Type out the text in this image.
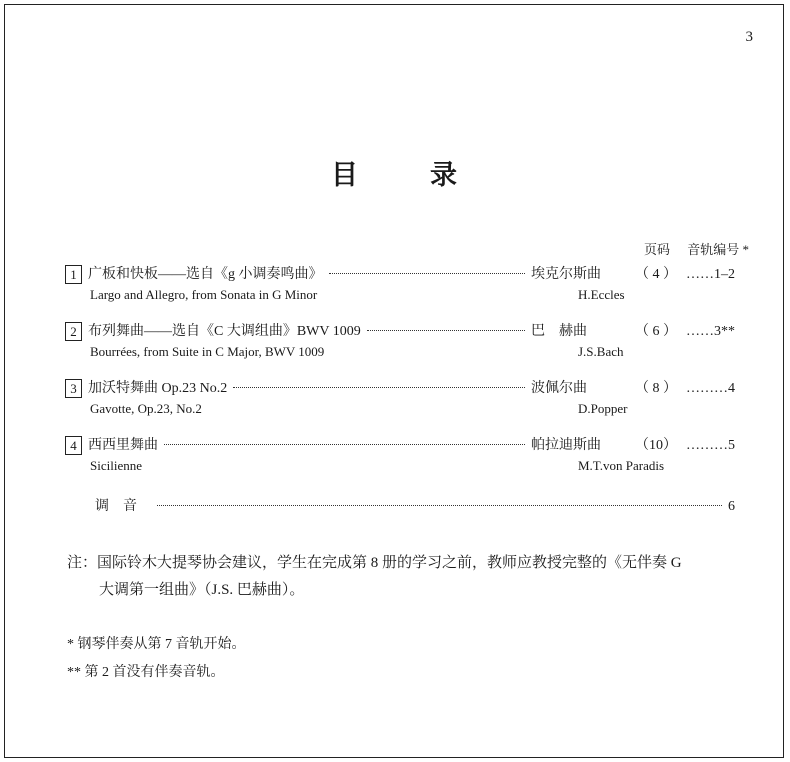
3
目录
页码 音轨编号 *
1 广板和快板——选自《g 小调奏鸣曲》	埃克尔斯曲	（ 4 ） ……1–2
Largo and Allegro, from Sonata in G Minor	H.Eccles
2 布列舞曲——选自《C 大调组曲》BWV 1009	巴　赫曲	（ 6 ） ……3**
Bourrées, from Suite in C Major, BWV 1009	J.S.Bach
3 加沃特舞曲 Op.23 No.2	波佩尔曲	（ 8 ） ………4
Gavotte, Op.23, No.2	D.Popper
4 西西里舞曲	帕拉迪斯曲	（10） ………5
Sicilienne	M.T.von Paradis
调音	6
注：国际铃木大提琴协会建议，学生在完成第 8 册的学习之前，教师应教授完整的《无伴奏 G
大调第一组曲》（J.S. 巴赫曲）。
* 钢琴伴奏从第 7 音轨开始。
** 第 2 首没有伴奏音轨。
